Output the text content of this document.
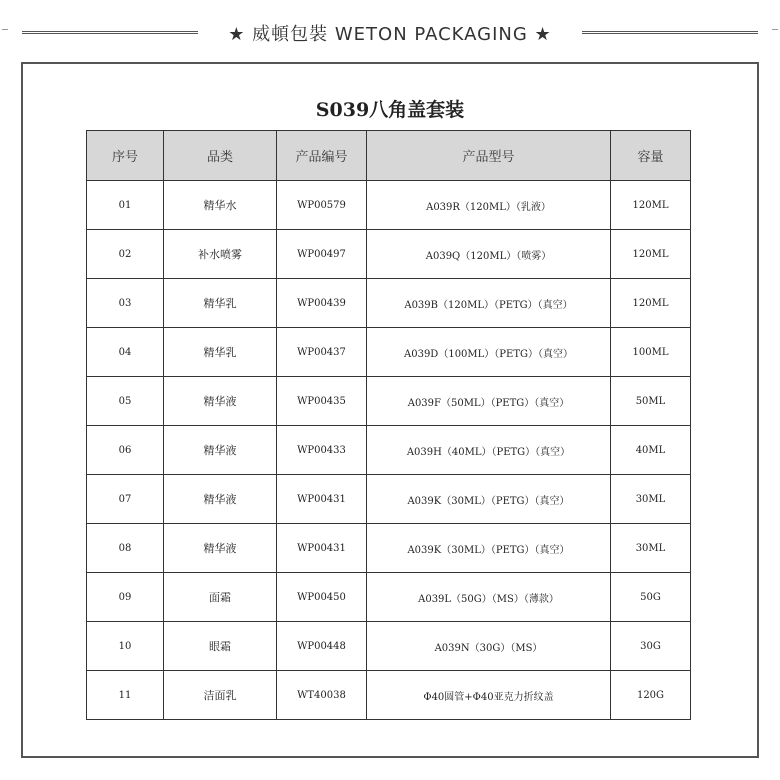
★ 威頓包裝 WETON PACKAGING ★
S039八角盖套装
序号	品类	产品编号	产品型号	容量
01	精华水	WP00579	A039R（120ML）（乳液）	120ML
02	补水喷雾	WP00497	A039Q（120ML）（喷雾）	120ML
03	精华乳	WP00439	A039B（120ML）（PETG）（真空）	120ML
04	精华乳	WP00437	A039D（100ML）（PETG）（真空）	100ML
05	精华液	WP00435	A039F（50ML）（PETG）（真空）	50ML
06	精华液	WP00433	A039H（40ML）（PETG）（真空）	40ML
07	精华液	WP00431	A039K（30ML）（PETG）（真空）	30ML
08	精华液	WP00431	A039K（30ML）（PETG）（真空）	30ML
09	面霜	WP00450	A039L（50G）（MS）（薄款）	50G
10	眼霜	WP00448	A039N（30G）（MS）	30G
11	洁面乳	WT40038	Φ40圆管+Φ40亚克力折纹盖	120G
